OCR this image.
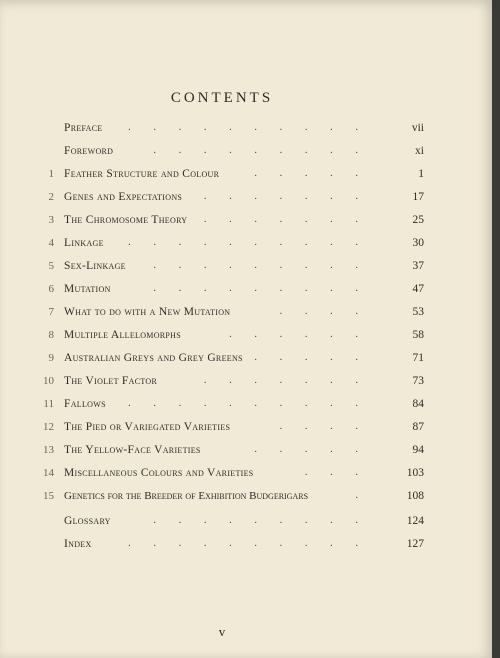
CONTENTS
Preface . . . . . . . . . .	vii
Foreword	. . . . . . . . .	xi
1 Feather Structure and Colour	. . . . .	1
2 Genes and Expectations . . . . . . .	17
3 The Chromosome Theory . . . . . . .	25
4 Linkage . . . . . . . . . .	30
5 Sex-Linkage	. . . . . . . . .	37
6 Mutation	. . . . . . . . .	47
7 What to do with a New Mutation	. . . .	53
8 Multiple Allelomorphs	. . . . . .	58
9 Australian Greys and Grey Greens . . . . .	71
10 The Violet Factor	. . . . . . .	73
11 Fallows . . . . . . . . . .	84
12 The Pied or Variegated Varieties	. . . .	87
13 The Yellow-Face Varieties	. . . . .	94
14 Miscellaneous Colours and Varieties	. . .	103
15 Genetics for the Breeder of Exhibition Budgerigars	.	108
Glossary	. . . . . . . . .	124
Index	. . . . . . . . . .	127
v
